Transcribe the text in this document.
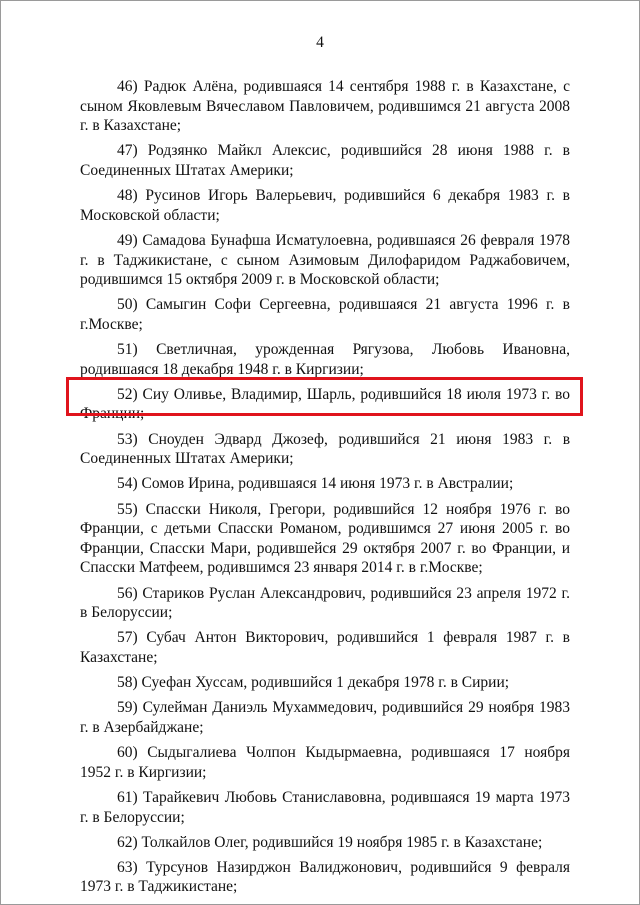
4

46) Радюк Алёна, родившаяся 14 сентября 1988 г. в Казахстане, с сыном Яковлевым Вячеславом Павловичем, родившимся 21 августа 2008 г. в Казахстане;

47) Родзянко Майкл Алексис, родившийся 28 июня 1988 г. в Соединенных Штатах Америки;

48) Русинов Игорь Валерьевич, родившийся 6 декабря 1983 г. в Московской области;

49) Самадова Бунафша Исматулоевна, родившаяся 26 февраля 1978 г. в Таджикистане, с сыном Азимовым Дилофаридом Раджабовичем, родившимся 15 октября 2009 г. в Московской области;

50) Самыгин Софи Сергеевна, родившаяся 21 августа 1996 г. в г.Москве;

51) Светличная, урожденная Рягузова, Любовь Ивановна, родившаяся 18 декабря 1948 г. в Киргизии;

52) Сиу Оливье, Владимир, Шарль, родившийся 18 июля 1973 г. во Франции;

53) Сноуден Эдвард Джозеф, родившийся 21 июня 1983 г. в Соединенных Штатах Америки;

54) Сомов Ирина, родившаяся 14 июня 1973 г. в Австралии;

55) Спасски Николя, Грегори, родившийся 12 ноября 1976 г. во Франции, с детьми Спасски Романом, родившимся 27 июня 2005 г. во Франции, Спасски Мари, родившейся 29 октября 2007 г. во Франции, и Спасски Матфеем, родившимся 23 января 2014 г. в г.Москве;

56) Стариков Руслан Александрович, родившийся 23 апреля 1972 г. в Белоруссии;

57) Субач Антон Викторович, родившийся 1 февраля 1987 г. в Казахстане;

58) Суефан Хуссам, родившийся 1 декабря 1978 г. в Сирии;

59) Сулейман Даниэль Мухаммедович, родившийся 29 ноября 1983 г. в Азербайджане;

60) Сыдыгалиева Чолпон Кыдырмаевна, родившаяся 17 ноября 1952 г. в Киргизии;

61) Тарайкевич Любовь Станиславовна, родившаяся 19 марта 1973 г. в Белоруссии;

62) Толкайлов Олег, родившийся 19 ноября 1985 г. в Казахстане;

63) Турсунов Назирджон Валиджонович, родившийся 9 февраля 1973 г. в Таджикистане;
